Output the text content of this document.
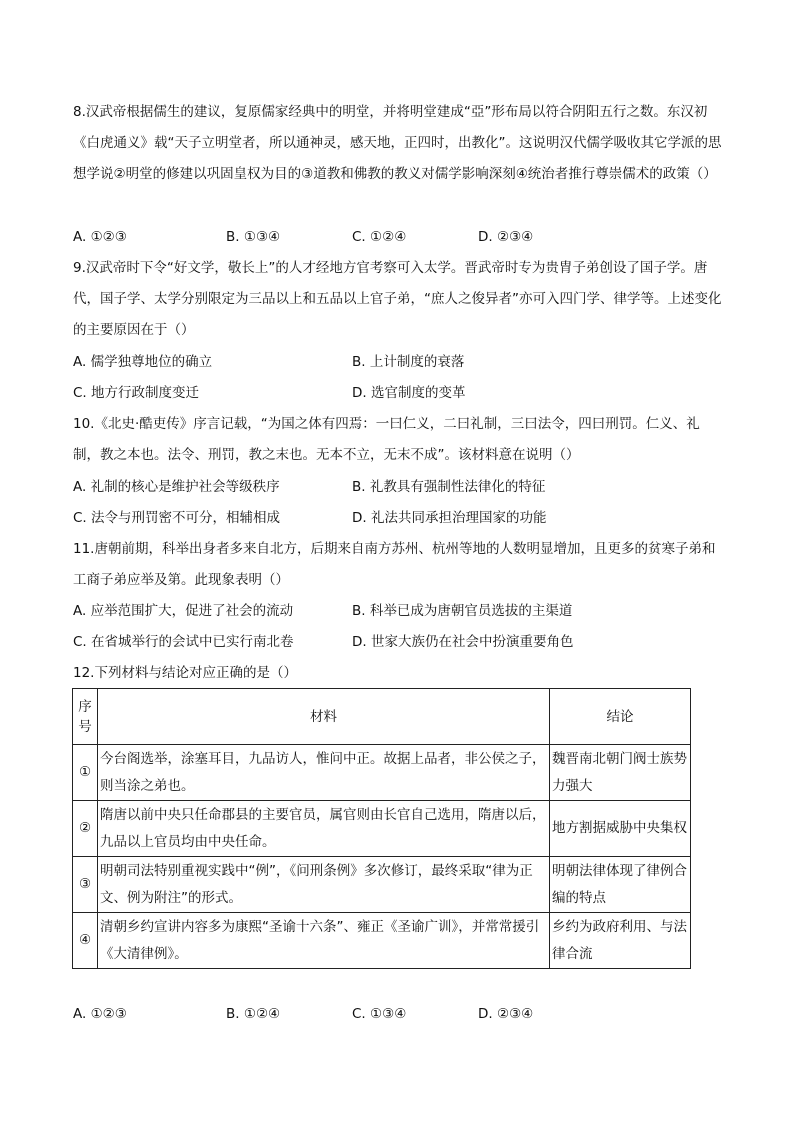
8.汉武帝根据儒生的建议，复原儒家经典中的明堂，并将明堂建成“亞”形布局以符合阴阳五行之数。东汉初《白虎通义》载“天子立明堂者，所以通神灵，感天地，正四时，出教化”。这说明汉代儒学吸收其它学派的思想学说②明堂的修建以巩固皇权为目的③道教和佛教的教义对儒学影响深刻④统治者推行尊崇儒术的政策（）

A. ①②③	B. ①③④	C. ①②④	D. ②③④

9.汉武帝时下令“好文学，敬长上”的人才经地方官考察可入太学。晋武帝时专为贵胄子弟创设了国子学。唐代，国子学、太学分别限定为三品以上和五品以上官子弟，“庶人之俊异者”亦可入四门学、律学等。上述变化的主要原因在于（）

A. 儒学独尊地位的确立	B. 上计制度的衰落
C. 地方行政制度变迁	D. 选官制度的变革

10.《北史·酷吏传》序言记载，“为国之体有四焉：一曰仁义，二曰礼制，三曰法令，四曰刑罚。仁义、礼制，教之本也。法令、刑罚，教之末也。无本不立，无末不成”。该材料意在说明（）

A. 礼制的核心是维护社会等级秩序	B. 礼教具有强制性法律化的特征
C. 法令与刑罚密不可分，相辅相成	D. 礼法共同承担治理国家的功能

11.唐朝前期，科举出身者多来自北方，后期来自南方苏州、杭州等地的人数明显增加，且更多的贫寒子弟和工商子弟应举及第。此现象表明（）

A. 应举范围扩大，促进了社会的流动	B. 科举已成为唐朝官员选拔的主渠道
C. 在省城举行的会试中已实行南北卷	D. 世家大族仍在社会中扮演重要角色
12.下列材料与结论对应正确的是（）
序号	材料	结论
①	今台阁选举，涂塞耳目，九品访人，惟问中正。故据上品者，非公侯之子，则当涂之弟也。	魏晋南北朝门阀士族势力强大
②	隋唐以前中央只任命郡县的主要官员，属官则由长官自己选用，隋唐以后，九品以上官员均由中央任命。	地方割据威胁中央集权
③	明朝司法特别重视实践中“例”，《问刑条例》多次修订，最终采取“律为正文、例为附注”的形式。	明朝法律体现了律例合编的特点
④	清朝乡约宣讲内容多为康熙“圣谕十六条”、雍正《圣谕广训》，并常常援引《大清律例》。	乡约为政府利用、与法律合流
A. ①②③	B. ①②④	C. ①③④	D. ②③④
